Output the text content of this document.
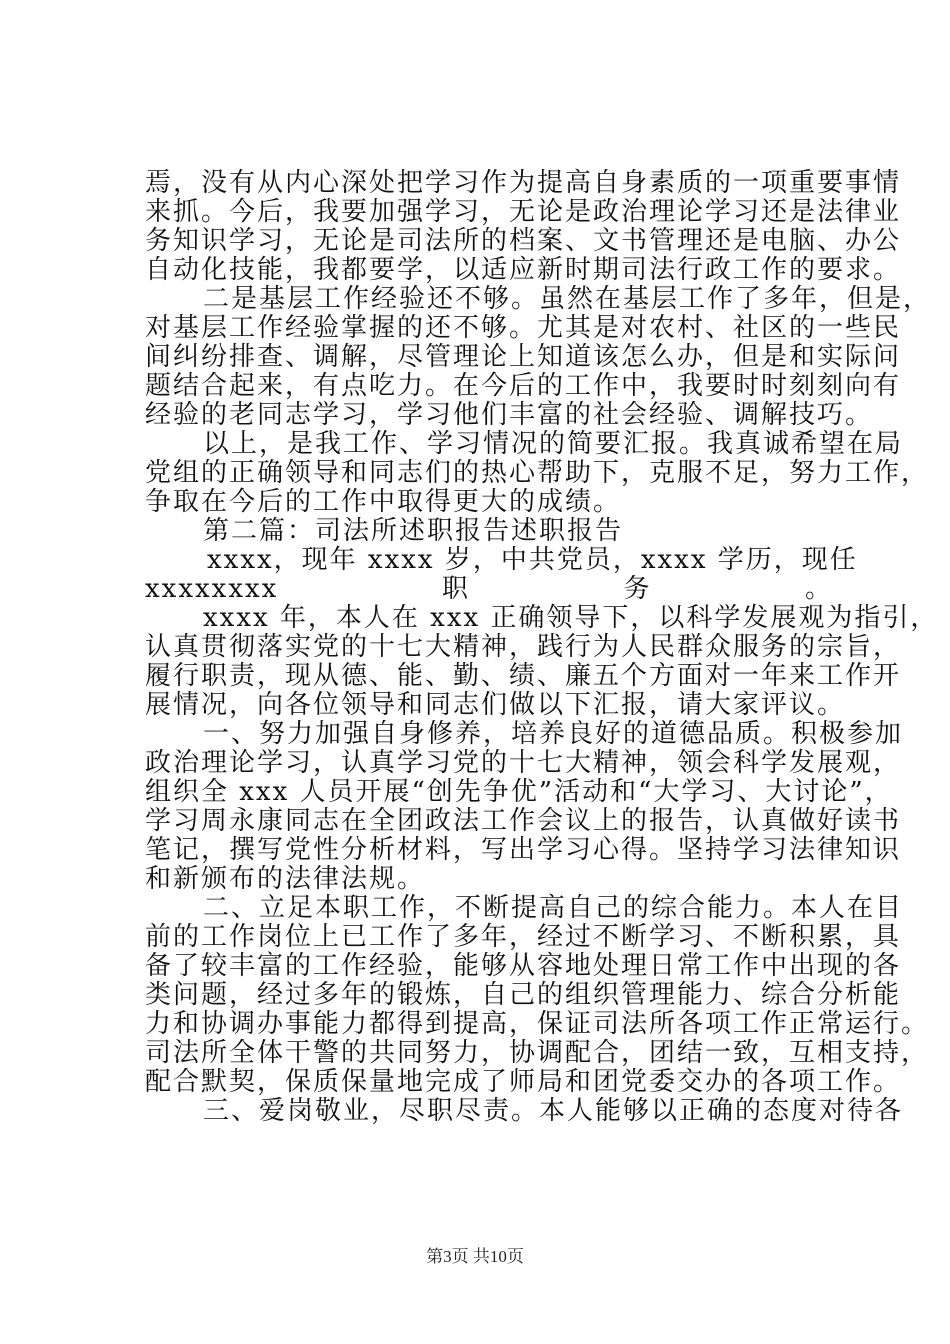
焉，没有从内心深处把学习作为提高自身素质的一项重要事情
来抓。今后，我要加强学习，无论是政治理论学习还是法律业
务知识学习，无论是司法所的档案、文书管理还是电脑、办公
自动化技能，我都要学，以适应新时期司法行政工作的要求。
二是基层工作经验还不够。虽然在基层工作了多年，但是，
对基层工作经验掌握的还不够。尤其是对农村、社区的一些民
间纠纷排查、调解，尽管理论上知道该怎么办，但是和实际问
题结合起来，有点吃力。在今后的工作中，我要时时刻刻向有
经验的老同志学习，学习他们丰富的社会经验、调解技巧。
以上，是我工作、学习情况的简要汇报。我真诚希望在局
党组的正确领导和同志们的热心帮助下，克服不足，努力工作，
争取在今后的工作中取得更大的成绩。
第二篇：司法所述职报告述职报告
xxxx，现年 xxxx 岁，中共党员，xxxx 学历，现任
xxxxxxxx 职务。
xxxx 年，本人在 xxx 正确领导下，以科学发展观为指引，
认真贯彻落实党的十七大精神，践行为人民群众服务的宗旨，
履行职责，现从德、能、勤、绩、廉五个方面对一年来工作开
展情况，向各位领导和同志们做以下汇报，请大家评议。
一、努力加强自身修养，培养良好的道德品质。积极参加
政治理论学习，认真学习党的十七大精神，领会科学发展观，
组织全 xxx 人员开展“创先争优”活动和“大学习、大讨论”，
学习周永康同志在全团政法工作会议上的报告，认真做好读书
笔记，撰写党性分析材料，写出学习心得。坚持学习法律知识
和新颁布的法律法规。
二、立足本职工作，不断提高自己的综合能力。本人在目
前的工作岗位上已工作了多年，经过不断学习、不断积累，具
备了较丰富的工作经验，能够从容地处理日常工作中出现的各
类问题，经过多年的锻炼，自己的组织管理能力、综合分析能
力和协调办事能力都得到提高，保证司法所各项工作正常运行。
司法所全体干警的共同努力，协调配合，团结一致，互相支持，
配合默契，保质保量地完成了师局和团党委交办的各项工作。
三、爱岗敬业，尽职尽责。本人能够以正确的态度对待各
第3页 共10页
